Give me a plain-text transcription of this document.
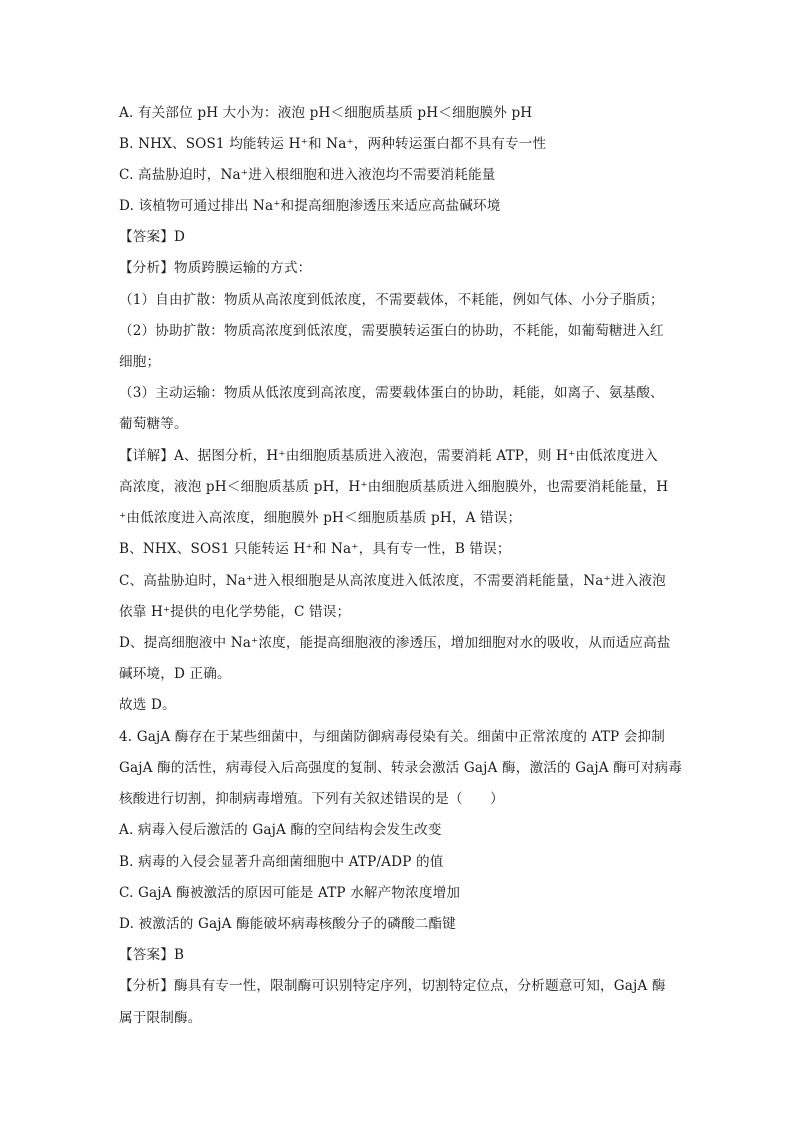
A. 有关部位 pH 大小为：液泡 pH＜细胞质基质 pH＜细胞膜外 pH
B. NHX、SOS1 均能转运 H⁺和 Na⁺，两种转运蛋白都不具有专一性
C. 高盐胁迫时，Na⁺进入根细胞和进入液泡均不需要消耗能量
D. 该植物可通过排出 Na⁺和提高细胞渗透压来适应高盐碱环境
【答案】D
【分析】物质跨膜运输的方式：
（1）自由扩散：物质从高浓度到低浓度，不需要载体，不耗能，例如气体、小分子脂质；
（2）协助扩散：物质高浓度到低浓度，需要膜转运蛋白的协助，不耗能，如葡萄糖进入红
细胞；
（3）主动运输：物质从低浓度到高浓度，需要载体蛋白的协助，耗能，如离子、氨基酸、
葡萄糖等。
【详解】A、据图分析，H⁺由细胞质基质进入液泡，需要消耗 ATP，则 H⁺由低浓度进入
高浓度，液泡 pH＜细胞质基质 pH，H⁺由细胞质基质进入细胞膜外，也需要消耗能量，H
⁺由低浓度进入高浓度，细胞膜外 pH＜细胞质基质 pH，A 错误；
B、NHX、SOS1 只能转运 H⁺和 Na⁺，具有专一性，B 错误；
C、高盐胁迫时，Na⁺进入根细胞是从高浓度进入低浓度，不需要消耗能量，Na⁺进入液泡
依靠 H⁺提供的电化学势能，C 错误；
D、提高细胞液中 Na⁺浓度，能提高细胞液的渗透压，增加细胞对水的吸收，从而适应高盐
碱环境，D 正确。
故选 D。
4. GajA 酶存在于某些细菌中，与细菌防御病毒侵染有关。细菌中正常浓度的 ATP 会抑制
GajA 酶的活性，病毒侵入后高强度的复制、转录会激活 GajA 酶，激活的 GajA 酶可对病毒
核酸进行切割，抑制病毒增殖。下列有关叙述错误的是（　　）
A. 病毒入侵后激活的 GajA 酶的空间结构会发生改变
B. 病毒的入侵会显著升高细菌细胞中 ATP/ADP 的值
C. GajA 酶被激活的原因可能是 ATP 水解产物浓度增加
D. 被激活的 GajA 酶能破坏病毒核酸分子的磷酸二酯键
【答案】B
【分析】酶具有专一性，限制酶可识别特定序列，切割特定位点，分析题意可知，GajA 酶
属于限制酶。
